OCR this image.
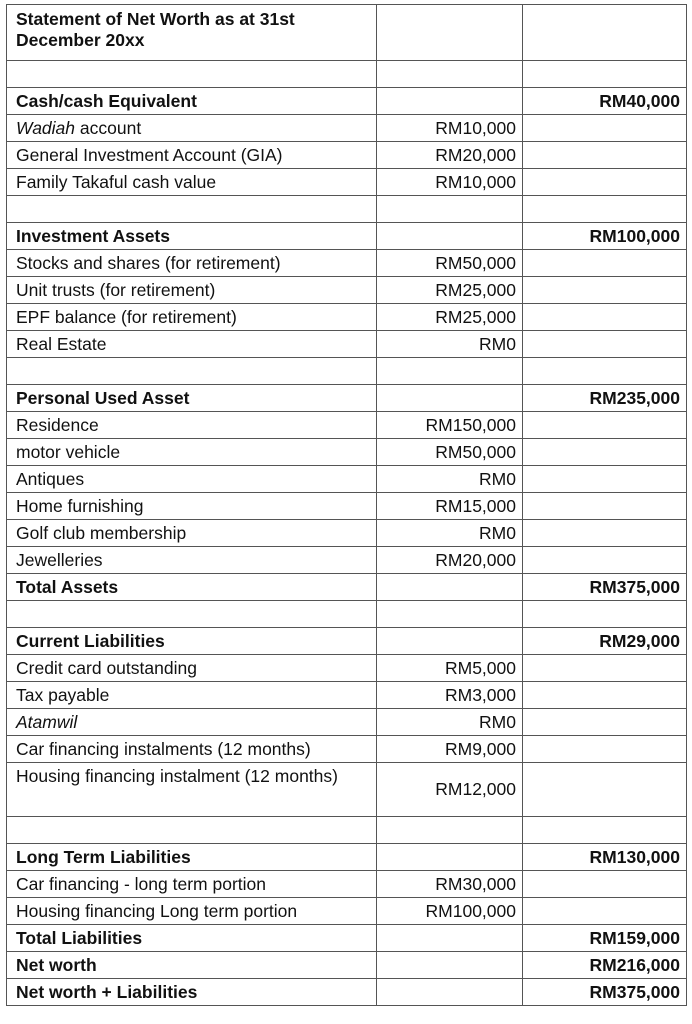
Statement of Net Worth as at 31st December 20xx		

Cash/cash Equivalent		RM40,000
Wadiah account	RM10,000	
General Investment Account (GIA)	RM20,000	
Family Takaful cash value	RM10,000	

Investment Assets		RM100,000
Stocks and shares (for retirement)	RM50,000	
Unit trusts (for retirement)	RM25,000	
EPF balance (for retirement)	RM25,000	
Real Estate	RM0	

Personal Used Asset		RM235,000
Residence	RM150,000	
motor vehicle	RM50,000	
Antiques	RM0	
Home furnishing	RM15,000	
Golf club membership	RM0	
Jewelleries	RM20,000	
Total Assets		RM375,000

Current Liabilities		RM29,000
Credit card outstanding	RM5,000	
Tax payable	RM3,000	
Atamwil	RM0	
Car financing instalments (12 months)	RM9,000	
Housing financing instalment (12 months)	RM12,000	

Long Term Liabilities		RM130,000
Car financing - long term portion	RM30,000	
Housing financing Long term portion	RM100,000	
Total Liabilities		RM159,000
Net worth		RM216,000
Net worth + Liabilities		RM375,000
